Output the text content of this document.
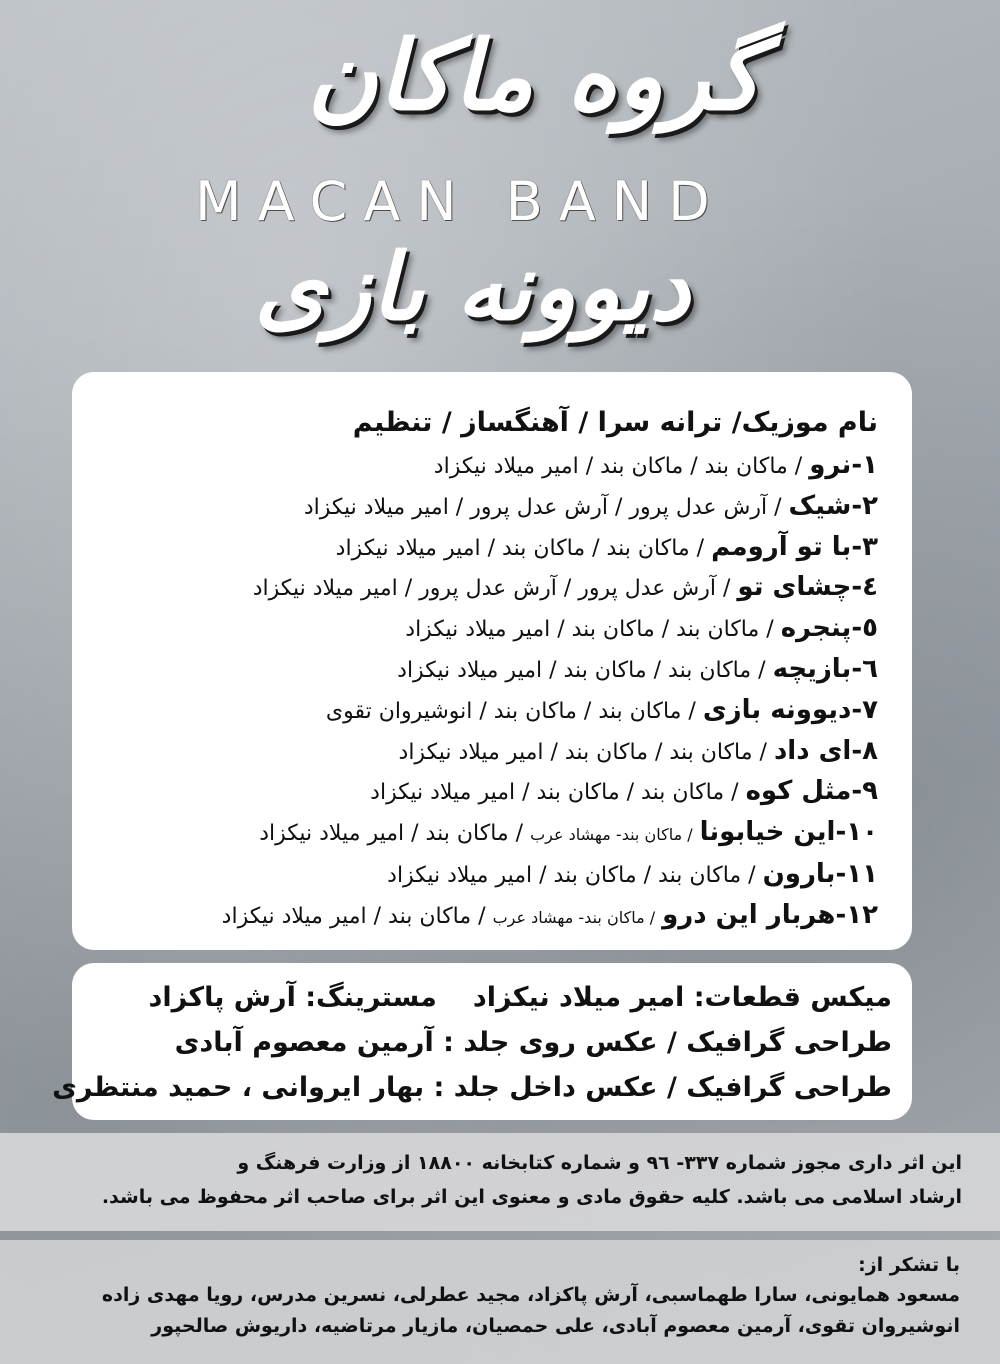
گروه ماکان
MACAN BAND
دیوونه بازی
نام موزیک/ ترانه سرا / آهنگساز / تنظیم
۱-نرو / ماکان بند / ماکان بند / امیر میلاد نیکزاد
۲-شیک / آرش عدل پرور / آرش عدل پرور / امیر میلاد نیکزاد
۳-با تو آرومم / ماکان بند / ماکان بند / امیر میلاد نیکزاد
٤-چشای تو / آرش عدل پرور / آرش عدل پرور / امیر میلاد نیکزاد
٥-پنجره / ماکان بند / ماکان بند / امیر میلاد نیکزاد
٦-بازیچه / ماکان بند / ماکان بند / امیر میلاد نیکزاد
۷-دیوونه بازی / ماکان بند / ماکان بند / انوشیروان تقوی
۸-ای داد / ماکان بند / ماکان بند / امیر میلاد نیکزاد
۹-مثل کوه / ماکان بند / ماکان بند / امیر میلاد نیکزاد
۱۰-این خیابونا / ماکان بند- مهشاد عرب / ماکان بند / امیر میلاد نیکزاد
۱۱-بارون / ماکان بند / ماکان بند / امیر میلاد نیکزاد
۱۲-هربار این درو / ماکان بند- مهشاد عرب / ماکان بند / امیر میلاد نیکزاد
میکس قطعات: امیر میلاد نیکزادمسترینگ: آرش پاکزاد
طراحی گرافیک / عکس روی جلد : آرمین معصوم آبادی
طراحی گرافیک / عکس داخل جلد : بهار ایروانی ، حمید منتظری

این اثر داری مجوز شماره ۳۳۷- ۹٦ و شماره کتابخانه ۱۸۸۰۰ از وزارت فرهنگ و

ارشاد اسلامی می باشد. کلیه حقوق مادی و معنوی این اثر برای صاحب اثر محفوظ می باشد.

با تشکر از:

مسعود همایونی، سارا طهماسبی، آرش پاکزاد، مجید عطرلی، نسرین مدرس، رویا مهدی زاده

انوشیروان تقوی، آرمین معصوم آبادی، علی حمصیان، مازیار مرتاضیه، داریوش صالحپور
